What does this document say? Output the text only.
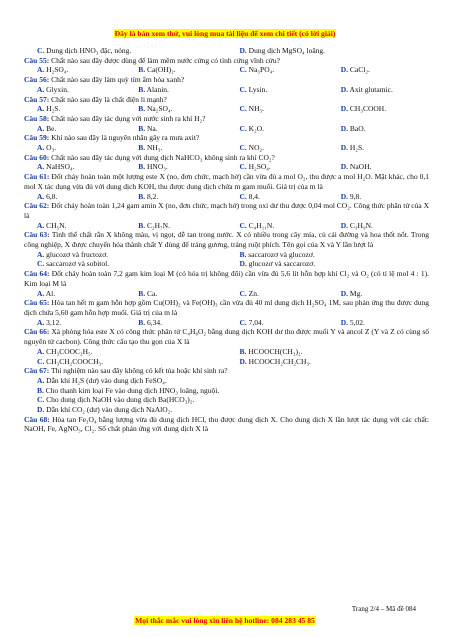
Đây là bản xem thử, vui lòng mua tài liệu để xem chi tiết (có lời giải)
C. Dung dịch HNO₃ đặc, nóng.	D. Dung dịch MgSO₄ loãng.
Câu 55: Chất nào sau đây được dùng để làm mềm nước cứng có tính cứng vĩnh cửu?
A. H₂SO₄.	B. Ca(OH)₂.	C. Na₃PO₄.	D. CaCl₂.
Câu 56: Chất nào sau đây làm quỳ tím ẩm hóa xanh?
A. Glyxin.	B. Alanin.	C. Lysin.	D. Axit glutamic.
Câu 57: Chất nào sau đây là chất điện li mạnh?
A. H₂S.	B. Na₂SO₄.	C. NH₃.	D. CH₃COOH.
Câu 58: Chất nào sau đây tác dụng với nước sinh ra khí H₂?
A. Be.	B. Na.	C. K₂O.	D. BaO.
Câu 59: Khí nào sau đây là nguyên nhân gây ra mưa axit?
A. O₃.	B. NH₃.	C. NO₂.	D. H₂S.
Câu 60: Chất nào sau đây tác dụng với dung dịch NaHCO₃ không sinh ra khí CO₂?
A. NaHSO₄.	B. HNO₃.	C. H₂SO₄.	D. NaOH.
Câu 61: Đốt cháy hoàn toàn một lượng este X (no, đơn chức, mạch hở) cần vừa đủ a mol O₂, thu được a mol H₂O. Mặt khác, cho 0,1 mol X tác dụng vừa đủ với dung dịch KOH, thu được dung dịch chứa m gam muối. Giá trị của m là
A. 6,8.	B. 8,2.	C. 8,4.	D. 9,8.
Câu 62: Đốt cháy hoàn toàn 1,24 gam amin X (no, đơn chức, mạch hở) trong oxi dư thu được 0,04 mol CO₂. Công thức phân tử của X là
A. CH₅N.	B. C₂H₇N.	C. C₄H₁₁N.	D. C₃H₉N.
Câu 63: Tinh thể chất rắn X không màu, vị ngọt, dễ tan trong nước. X có nhiều trong cây mía, củ cải đường và hoa thốt nốt. Trong công nghiệp, X được chuyển hóa thành chất Y dùng để tráng gương, tráng ruột phích. Tên gọi của X và Y lần lượt là
A. glucozơ và fructozơ.	B. saccarozơ và glucozơ.
C. saccarozơ và sobitol.	D. glucozơ và saccarozơ.
Câu 64: Đốt cháy hoàn toàn 7,2 gam kim loại M (có hóa trị không đổi) cần vừa đủ 5,6 lít hỗn hợp khí Cl₂ và O₂ (có tỉ lệ mol 4 : 1). Kim loại M là
A. Al.	B. Ca.	C. Zn.	D. Mg.
Câu 65: Hòa tan hết m gam hỗn hợp gồm Cu(OH)₂ và Fe(OH)₃ cần vừa đủ 40 ml dung dịch H₂SO₄ 1M, sau phản ứng thu được dung dịch chứa 5,60 gam hỗn hợp muối. Giá trị của m là
A. 3,12.	B. 6,34.	C. 7,04.	D. 5,02.
Câu 66: Xà phòng hóa este X có công thức phân tử C₄H₈O₂ bằng dung dịch KOH dư thu được muối Y và ancol Z (Y và Z có cùng số nguyên tử cacbon). Công thức cấu tạo thu gọn của X là
A. CH₃COOC₂H₅.	B. HCOOCH(CH₃)₂.
C. CH₃CH₂COOCH₃.	D. HCOOCH₂CH₂CH₃.
Câu 67: Thí nghiệm nào sau đây không có kết tủa hoặc khí sinh ra?
A. Dẫn khí H₂S (dư) vào dung dịch FeSO₄.
B. Cho thanh kim loại Fe vào dung dịch HNO₃ loãng, nguội.
C. Cho dung dịch NaOH vào dung dịch Ba(HCO₃)₂.
D. Dẫn khí CO₂ (dư) vào dung dịch NaAlO₂.
Câu 68: Hòa tan Fe₃O₄ bằng lượng vừa đủ dung dịch HCl, thu được dung dịch X. Cho dung dịch X lần lượt tác dụng với các chất: NaOH, Fe, AgNO₃, Cl₂. Số chất phản ứng với dung dịch X là
Trang 2/4 – Mã đề 084
Mọi thắc mắc vui lòng xin liên hệ hotline: 084 283 45 85
